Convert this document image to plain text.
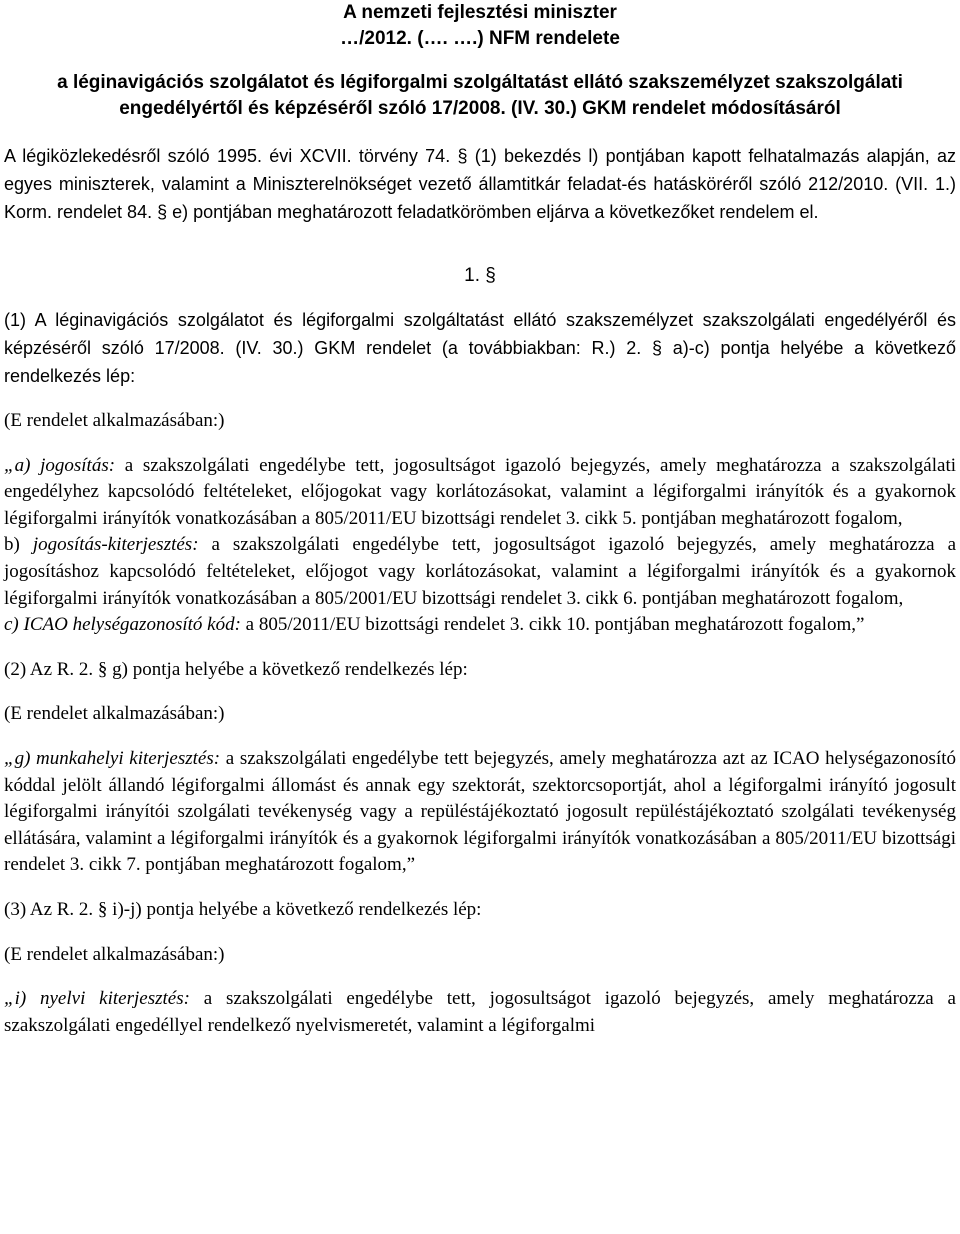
A nemzeti fejlesztési miniszter

…/2012. (…. ….) NFM rendelete

a léginavigációs szolgálatot és légiforgalmi szolgáltatást ellátó szakszemélyzet szakszolgálati engedélyértől és képzéséről szóló 17/2008. (IV. 30.) GKM rendelet módosításáról

A légiközlekedésről szóló 1995. évi XCVII. törvény 74. § (1) bekezdés l) pontjában kapott felhatalmazás alapján, az egyes miniszterek, valamint a Miniszterelnökséget vezető államtitkár feladat-és hatásköréről szóló 212/2010. (VII. 1.) Korm. rendelet 84. § e) pontjában meghatározott feladatkörömben eljárva a következőket rendelem el.

1. §

(1) A léginavigációs szolgálatot és légiforgalmi szolgáltatást ellátó szakszemélyzet szakszolgálati engedélyéről és képzéséről szóló 17/2008. (IV. 30.) GKM rendelet (a továbbiakban: R.) 2. § a)-c) pontja helyébe a következő rendelkezés lép:

(E rendelet alkalmazásában:)

„a) jogosítás: a szakszolgálati engedélybe tett, jogosultságot igazoló bejegyzés, amely meghatározza a szakszolgálati engedélyhez kapcsolódó feltételeket, előjogokat vagy korlátozásokat, valamint a légiforgalmi irányítók és a gyakornok légiforgalmi irányítók vonatkozásában a 805/2011/EU bizottsági rendelet 3. cikk 5. pontjában meghatározott fogalom,

b) jogosítás-kiterjesztés: a szakszolgálati engedélybe tett, jogosultságot igazoló bejegyzés, amely meghatározza a jogosításhoz kapcsolódó feltételeket, előjogot vagy korlátozásokat, valamint a légiforgalmi irányítók és a gyakornok légiforgalmi irányítók vonatkozásában a 805/2001/EU bizottsági rendelet 3. cikk 6. pontjában meghatározott fogalom,

c) ICAO helységazonosító kód: a 805/2011/EU bizottsági rendelet 3. cikk 10. pontjában meghatározott fogalom,”

(2) Az R. 2. § g) pontja helyébe a következő rendelkezés lép:

(E rendelet alkalmazásában:)

„g) munkahelyi kiterjesztés: a szakszolgálati engedélybe tett bejegyzés, amely meghatározza azt az ICAO helységazonosító kóddal jelölt állandó légiforgalmi állomást és annak egy szektorát, szektorcsoportját, ahol a légiforgalmi irányító jogosult légiforgalmi irányítói szolgálati tevékenység vagy a repüléstájékoztató jogosult repüléstájékoztató szolgálati tevékenység ellátására, valamint a légiforgalmi irányítók és a gyakornok légiforgalmi irányítók vonatkozásában a 805/2011/EU bizottsági rendelet 3. cikk 7. pontjában meghatározott fogalom,”

(3) Az R. 2. § i)-j) pontja helyébe a következő rendelkezés lép:

(E rendelet alkalmazásában:)

„i) nyelvi kiterjesztés: a szakszolgálati engedélybe tett, jogosultságot igazoló bejegyzés, amely meghatározza a szakszolgálati engedéllyel rendelkező nyelvismeretét, valamint a légiforgalmi
